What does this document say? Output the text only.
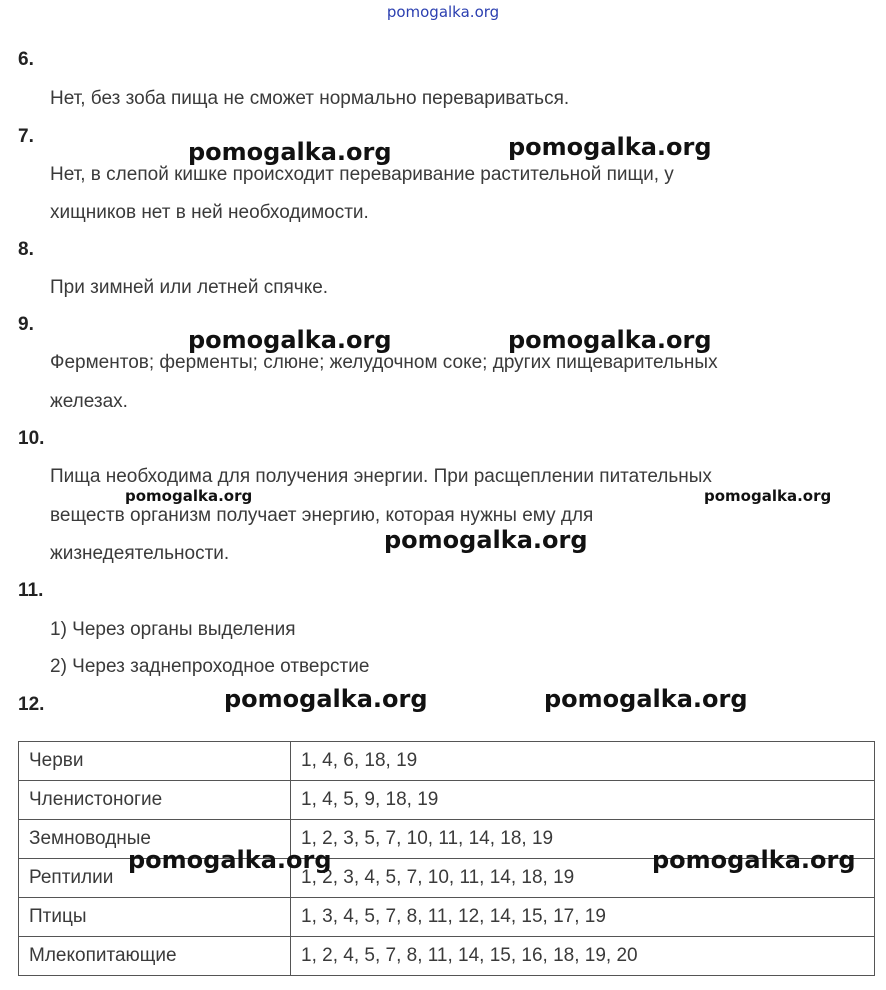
pomogalka.org
6.
Нет, без зоба пища не сможет нормально перевариваться.
7.
Нет, в слепой кишке происходит переваривание растительной пищи, у
хищников нет в ней необходимости.
8.
При зимней или летней спячке.
9.
Ферментов; ферменты; слюне; желудочном соке; других пищеварительных
железах.
10.
Пища необходима для получения энергии. При расщеплении питательных
веществ организм получает энергию, которая нужны ему для
жизнедеятельности.
11.
1) Через органы выделения
2) Через заднепроходное отверстие
12.
Черви	1, 4, 6, 18, 19
Членистоногие	1, 4, 5, 9, 18, 19
Земноводные	1, 2, 3, 5, 7, 10, 11, 14, 18, 19
Рептилии	1, 2, 3, 4, 5, 7, 10, 11, 14, 18, 19
Птицы	1, 3, 4, 5, 7, 8, 11, 12, 14, 15, 17, 19
Млекопитающие	1, 2, 4, 5, 7, 8, 11, 14, 15, 16, 18, 19, 20
pomogalka.org	pomogalka.org
pomogalka.org	pomogalka.org
pomogalka.org	pomogalka.org
pomogalka.org
pomogalka.org	pomogalka.org
pomogalka.org	pomogalka.org
